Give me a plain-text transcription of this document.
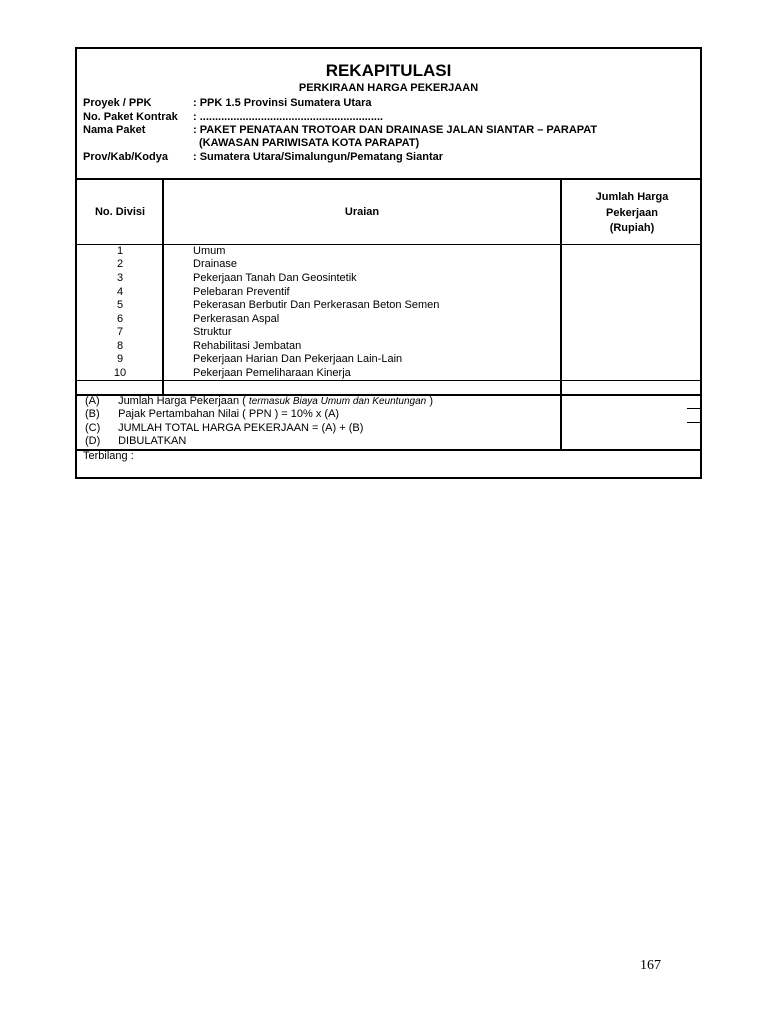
REKAPITULASI
PERKIRAAN HARGA PEKERJAAN
Proyek / PPK	: PPK 1.5 Provinsi Sumatera Utara
No. Paket Kontrak : ............................................................
Nama Paket	: PAKET PENATAAN TROTOAR DAN DRAINASE JALAN SIANTAR – PARAPAT
(KAWASAN PARIWISATA KOTA PARAPAT)
Prov/Kab/Kodya : Sumatera Utara/Simalungun/Pematang Siantar
No. Divisi	Uraian
Jumlah Harga
Pekerjaan
(Rupiah)
1	Umum
2	Drainase
3	Pekerjaan Tanah Dan Geosintetik
4	Pelebaran Preventif
5	Pekerasan Berbutir Dan Perkerasan Beton Semen
6	Perkerasan Aspal
7	Struktur
8	Rehabilitasi Jembatan
9	Pekerjaan Harian Dan Pekerjaan Lain-Lain
10	Pekerjaan Pemeliharaan Kinerja
(A) Jumlah Harga Pekerjaan ( termasuk Biaya Umum dan Keuntungan )
(B) Pajak Pertambahan Nilai ( PPN ) = 10% x (A)
(C) JUMLAH TOTAL HARGA PEKERJAAN = (A) + (B)
(D) DIBULATKAN
Terbilang :
167
